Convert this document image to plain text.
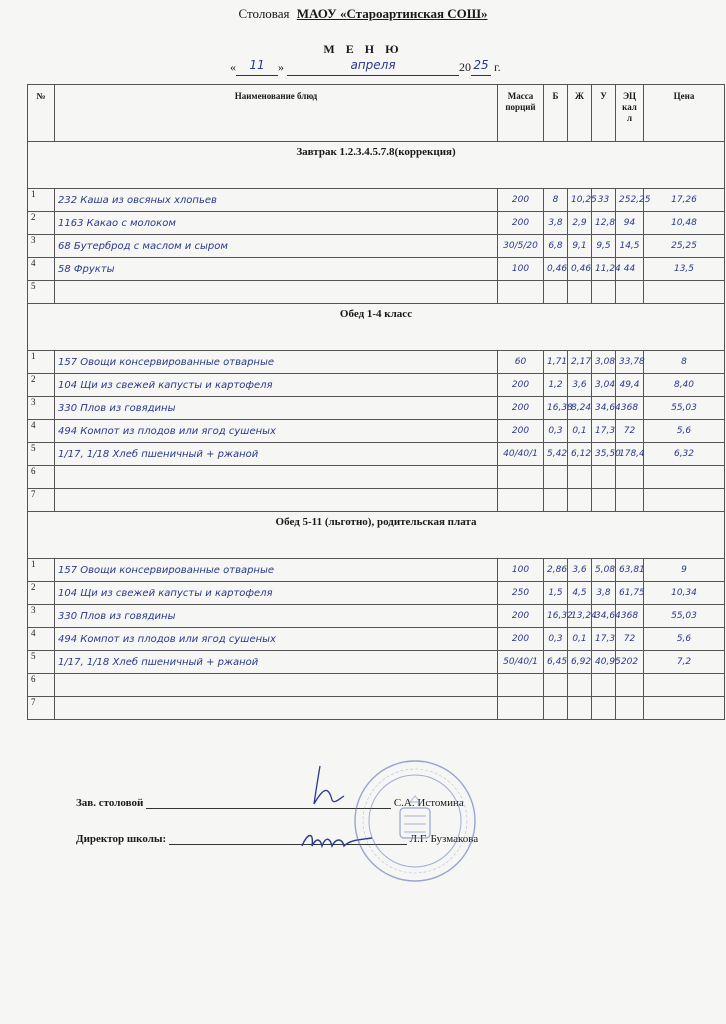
Столовая МАОУ «Староартинская СОШ»
М Е Н Ю
« 11 »	апреля	20 25 г.
№	Наименование блюд	Масса порций	Б	Ж	У	ЭЦ кал л	Цена
Завтрак 1.2.3.4.5.7.8(коррекция)							
1	232 Каша из овсяных хлопьев	200	8	10,25	33	252,25	17,26
2	1163 Какао с молоком	200	3,8	2,9	12,8	94	10,48
3	68 Бутерброд с маслом и сыром	30/5/20	6,8	9,1	9,5	14,5	25,25
4	58 Фрукты	100	0,46	0,46	11,24	44	13,5
5							
Обед 1-4 класс							
1	157 Овощи консервированные отварные	60	1,71	2,17	3,08	33,78	8
2	104 Щи из свежей капусты и картофеля	200	1,2	3,6	3,04	49,4	8,40
3	330 Плов из говядины	200	16,38	8,24	34,64	368	55,03
4	494 Компот из плодов или ягод сушеных	200	0,3	0,1	17,3	72	5,6
5	1/17, 1/18 Хлеб пшеничный + ржаной	40/40/1	5,42	6,12	35,50	178,4	6,32
6							
7							
Обед 5-11 (льготно), родительская плата							
1	157 Овощи консервированные отварные	100	2,86	3,6	5,08	63,81	9
2	104 Щи из свежей капусты и картофеля	250	1,5	4,5	3,8	61,75	10,34
3	330 Плов из говядины	200	16,32	13,24	34,64	368	55,03
4	494 Компот из плодов или ягод сушеных	200	0,3	0,1	17,3	72	5,6
5	1/17, 1/18 Хлеб пшеничный + ржаной	50/40/1	6,45	6,92	40,95	202	7,2
6							
7							
Зав. столовой	С.А. Истомина
Директор школы:	Л.Г. Бузмакова
